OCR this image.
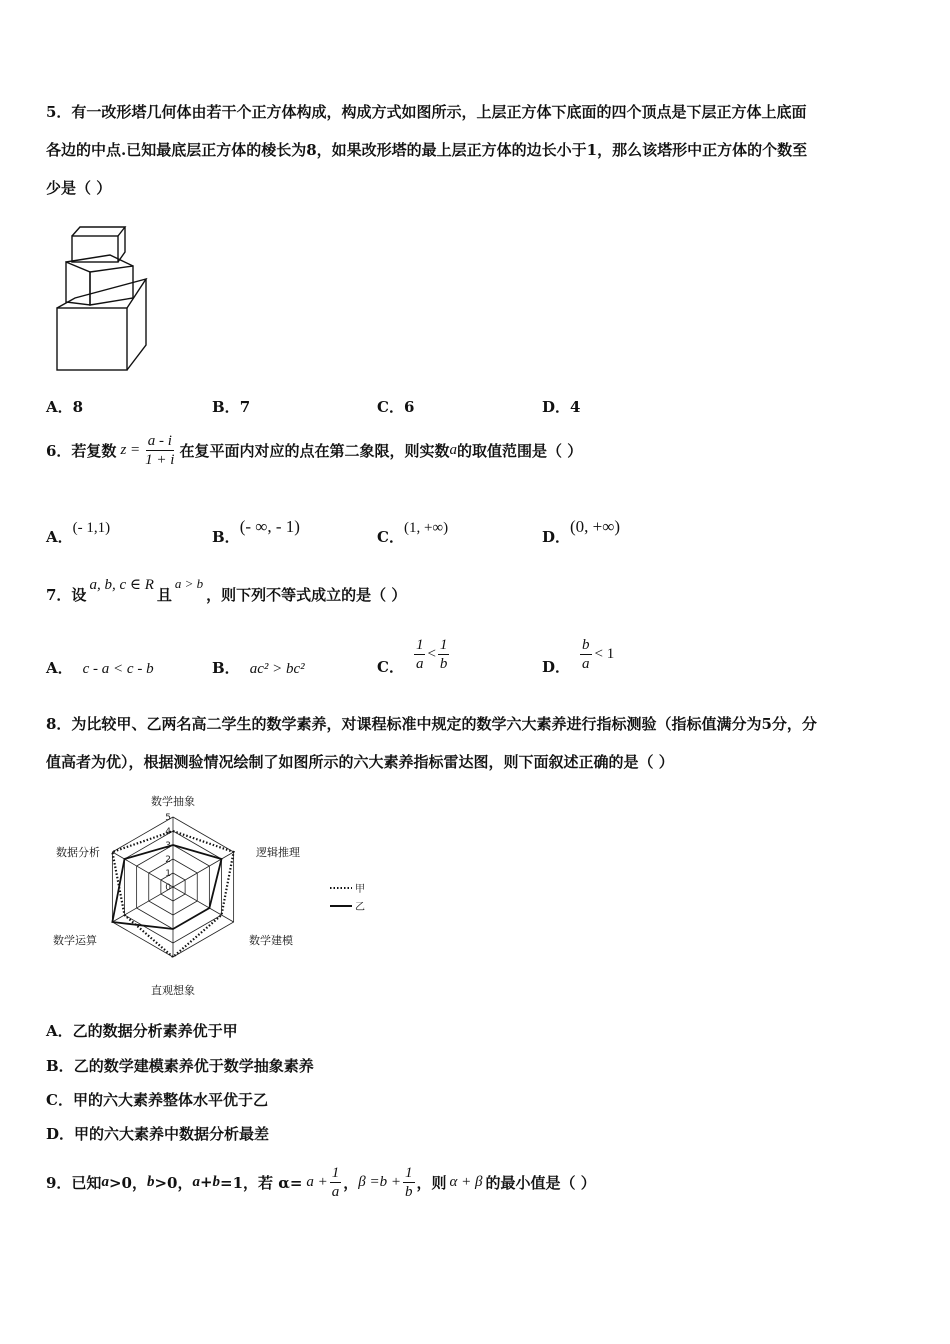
5．有一改形塔几何体由若干个正方体构成，构成方式如图所示，上层正方体下底面的四个顶点是下层正方体上底面
各边的中点.已知最底层正方体的棱长为8，如果改形塔的最上层正方体的边长小于1，那么该塔形中正方体的个数至
少是（ ）
A．8	B．7	C．6	D．4
6．若复数 $z = \frac{a - i}{1 + i}$ 在复平面内对应的点在第二象限，则实数 a 的取值范围是（ ）
A．(- 1,1)	B．(- ∞, - 1)
C．(1, +∞)	D．(0, +∞)
7．设
a, b, c ∈ R
且
a > b
，则下列不等式成立的是（ ）
A． c - a < c - b	B． ac² > bc²	C． $\frac{1}{a} < \frac{1}{b}$	D． $\frac{b}{a} < 1$
8．为比较甲、乙两名高二学生的数学素养，对课程标准中规定的数学六大素养进行指标测验（指标值满分为5分，分
值高者为优），根据测验情况绘制了如图所示的六大素养指标雷达图，则下面叙述正确的是（ ）
0
1
2
3
4
5
数学抽象
逻辑推理
数学建模
直观想象
数学运算
数据分析
甲
乙
A．乙的数据分析素养优于甲
B．乙的数学建模素养优于数学抽象素养
C．甲的六大素养整体水平优于乙
D．甲的六大素养中数据分析最差
9．已知 a >0， b >0， a + b =1，若 $\alpha= a + \frac{1}{a}$ ， $\beta =b + \frac{1}{b}$ ，则 α + β 的最小值是（ ）
